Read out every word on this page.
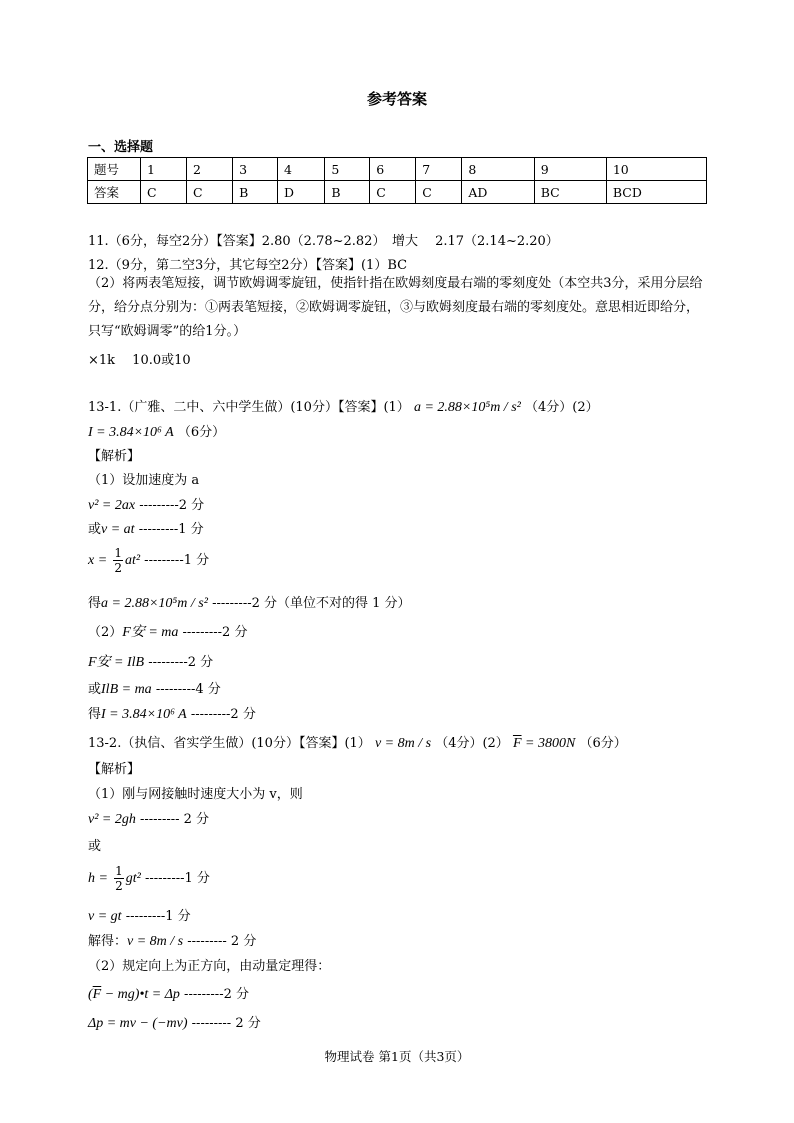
参考答案
一、选择题
题号	1	2	3	4	5	6	7	8	9	10
答案	C	C	B	D	B	C	C	AD	BC	BCD
11.（6分，每空2分）【答案】2.80（2.78~2.82）　增大　 2.17（2.14~2.20）
12.（9分，第二空3分，其它每空2分）【答案】(1）BC
（2）将两表笔短接，调节欧姆调零旋钮，使指针指在欧姆刻度最右端的零刻度处（本空共3分，采用分层给分，给分点分别为：①两表笔短接，②欧姆调零旋钮，③与欧姆刻度最右端的零刻度处。意思相近即给分，只写“欧姆调零”的给1分。）
×1k　 10.0或10
13-1.（广雅、二中、六中学生做）(10分）【答案】(1） a = 2.88×10⁵m / s² （4分）(2）
I = 3.84×10⁶ A （6分）
【解析】
（1）设加速度为 a
v² = 2ax ---------2 分
或v = at ---------1 分
$x = \frac{1}{2} at^2$ ---------1 分
得a = 2.88×10⁵m / s² ---------2 分（单位不对的得 1 分）
（2）F安 = ma ---------2 分
F安 = IlB ---------2 分
或IlB = ma ---------4 分
得I = 3.84×10⁶ A ---------2 分
13-2.（执信、省实学生做）(10分）【答案】(1） v = 8m / s （4分）(2） $\overline{F} = 3800N$ （6分）
【解析】
（1）刚与网接触时速度大小为 v，则
v² = 2gh --------- 2 分
或
$h = \frac{1}{2} gt^2$ ---------1 分
v = gt ---------1 分
解得：v = 8m / s --------- 2 分
（2）规定向上为正方向，由动量定理得：
($\overline{F}$ − mg)•t = Δp ---------2 分
Δp = mv − (−mv) --------- 2 分
物理试卷 第1页（共3页）
